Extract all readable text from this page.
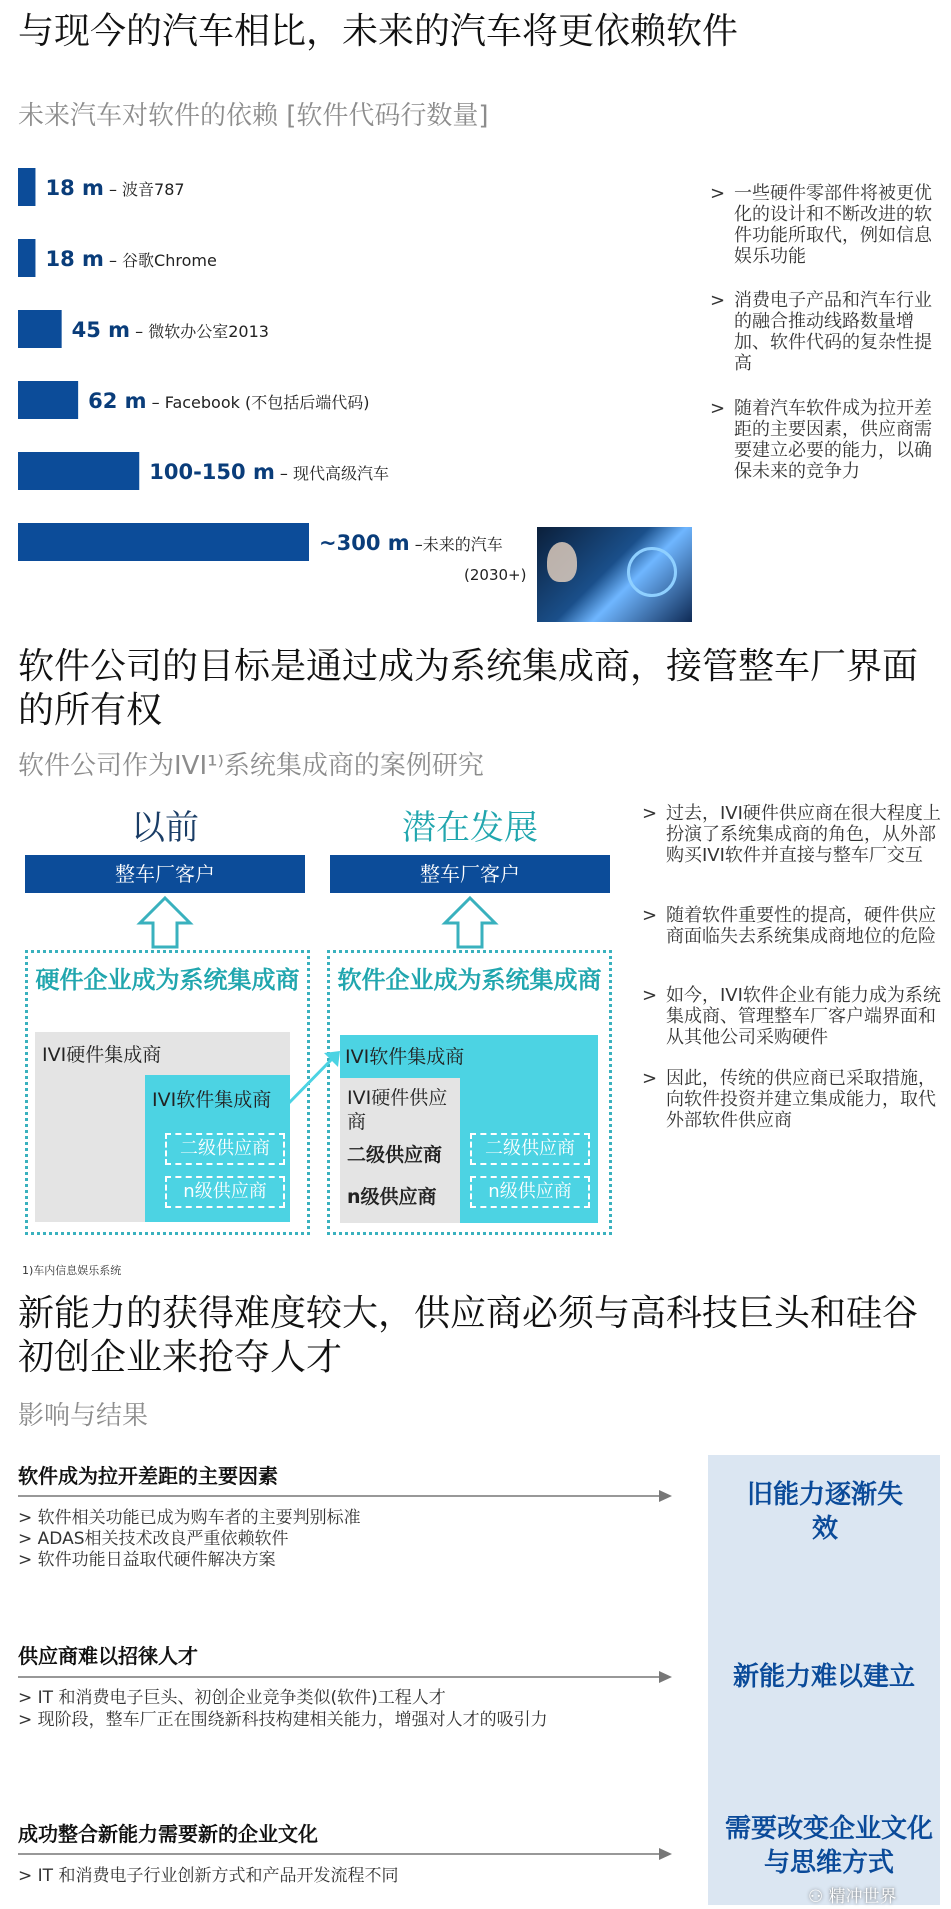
与现今的汽车相比，未来的汽车将更依赖软件
未来汽车对软件的依赖 [软件代码行数量]
18 m – 波音787
18 m – 谷歌Chrome
45 m – 微软办公室2013
62 m – Facebook (不包括后端代码)
100-150 m – 现代高级汽车
~300 m –未来的汽车
(2030+)
> 一些硬件零部件将被更优化的设计和不断改进的软件功能所取代，例如信息娱乐功能
> 消费电子产品和汽车行业的融合推动线路数量增加、软件代码的复杂性提高
> 随着汽车软件成为拉开差距的主要因素，供应商需要建立必要的能力，以确保未来的竞争力
软件公司的目标是通过成为系统集成商，接管整车厂界面的所有权
软件公司作为IVI¹⁾系统集成商的案例研究
以前
整车厂客户
硬件企业成为系统集成商
IVI硬件集成商
IVI软件集成商
二级供应商
n级供应商
潜在发展
整车厂客户
软件企业成为系统集成商
IVI软件集成商
IVI硬件供应商
二级供应商
n级供应商
二级供应商
n级供应商
1)车内信息娱乐系统
> 过去，IVI硬件供应商在很大程度上扮演了系统集成商的角色，从外部购买IVI软件并直接与整车厂交互
> 随着软件重要性的提高，硬件供应商面临失去系统集成商地位的危险
> 如今，IVI软件企业有能力成为系统集成商、管理整车厂客户端界面和从其他公司采购硬件
> 因此，传统的供应商已采取措施，向软件投资并建立集成能力，取代外部软件供应商
新能力的获得难度较大，供应商必须与高科技巨头和硅谷初创企业来抢夺人才
影响与结果
软件成为拉开差距的主要因素
> 软件相关功能已成为购车者的主要判别标准
> ADAS相关技术改良严重依赖软件
> 软件功能日益取代硬件解决方案
旧能力逐渐失效
供应商难以招徕人才
> IT 和消费电子巨头、初创企业竞争类似(软件)工程人才
> 现阶段，整车厂正在围绕新科技构建相关能力，增强对人才的吸引力
新能力难以建立
成功整合新能力需要新的企业文化
> IT 和消费电子行业创新方式和产品开发流程不同
需要改变企业文化与思维方式
⚇ 精冲世界
